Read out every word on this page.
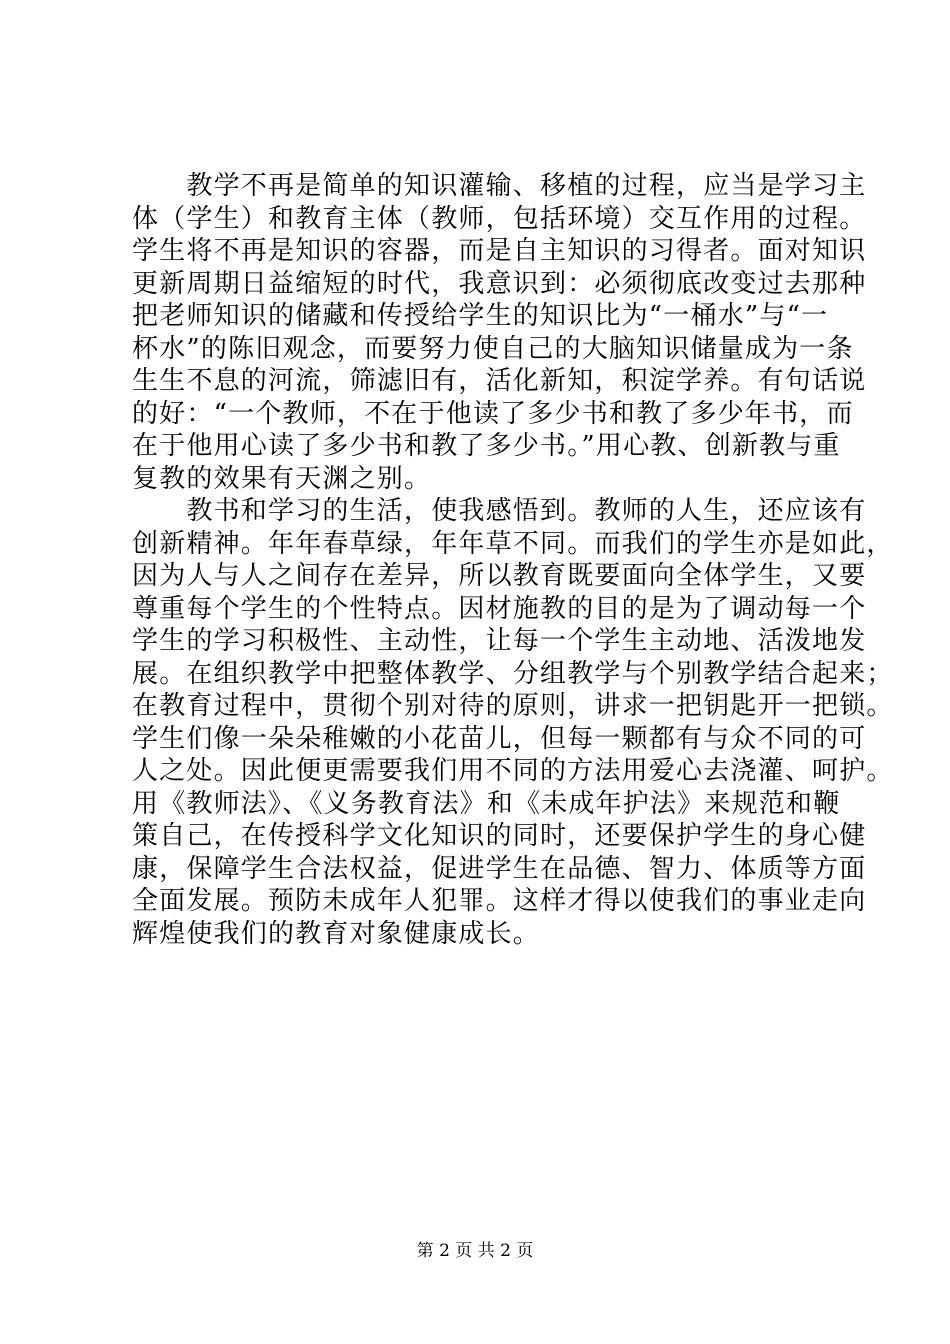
　　教学不再是简单的知识灌输、移植的过程，应当是学习主
体（学生）和教育主体（教师，包括环境）交互作用的过程。
学生将不再是知识的容器，而是自主知识的习得者。面对知识
更新周期日益缩短的时代，我意识到：必须彻底改变过去那种
把老师知识的储藏和传授给学生的知识比为“一桶水”与“一
杯水”的陈旧观念，而要努力使自己的大脑知识储量成为一条
生生不息的河流，筛滤旧有，活化新知，积淀学养。有句话说
的好：“一个教师，不在于他读了多少书和教了多少年书，而
在于他用心读了多少书和教了多少书。”用心教、创新教与重
复教的效果有天渊之别。
　　教书和学习的生活，使我感悟到。教师的人生，还应该有
创新精神。年年春草绿，年年草不同。而我们的学生亦是如此，
因为人与人之间存在差异，所以教育既要面向全体学生，又要
尊重每个学生的个性特点。因材施教的目的是为了调动每一个
学生的学习积极性、主动性，让每一个学生主动地、活泼地发
展。在组织教学中把整体教学、分组教学与个别教学结合起来；
在教育过程中，贯彻个别对待的原则，讲求一把钥匙开一把锁。
学生们像一朵朵稚嫩的小花苗儿，但每一颗都有与众不同的可
人之处。因此便更需要我们用不同的方法用爱心去浇灌、呵护。
用《教师法》、《义务教育法》和《未成年护法》来规范和鞭
策自己，在传授科学文化知识的同时，还要保护学生的身心健
康，保障学生合法权益，促进学生在品德、智力、体质等方面
全面发展。预防未成年人犯罪。这样才得以使我们的事业走向
辉煌使我们的教育对象健康成长。
第 2 页 共 2 页
